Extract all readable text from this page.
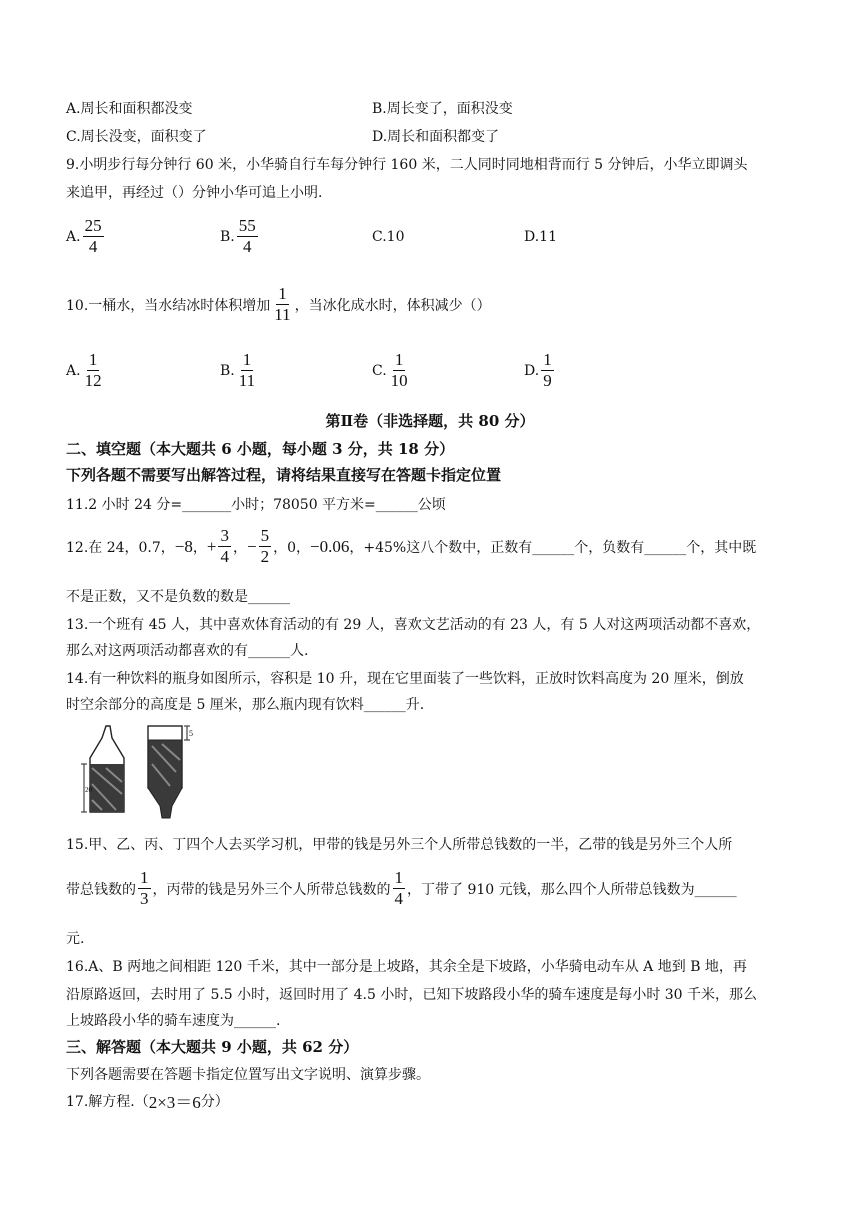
A.周长和面积都没变	B.周长变了，面积没变
C.周长没变，面积变了	D.周长和面积都变了
9.小明步行每分钟行 60 米，小华骑自行车每分钟行 160 米，二人同时同地相背而行 5 分钟后，小华立即调头
来追甲，再经过（）分钟小华可追上小明.
A. $\frac{25}{4}$	B. $\frac{55}{4}$	C.10	D.11
10.一桶水，当水结冰时体积增加 $\frac{1}{11}$ ，当冰化成水时，体积减少（）
A. $\frac{1}{12}$	B. $\frac{1}{11}$	C. $\frac{1}{10}$	D. $\frac{1}{9}$
第Ⅱ卷（非选择题，共 80 分）
二、填空题（本大题共 6 小题，每小题 3 分，共 18 分）
下列各题不需要写出解答过程，请将结果直接写在答题卡指定位置
11.2 小时 24 分=_______小时；78050 平方米=______公顷
12.在 24，0.7， −8 ， + $\frac{3}{4}$ ， − $\frac{5}{2}$ ，0， −0.06 ，+45%这八个数中，正数有______个，负数有______个，其中既
不是正数，又不是负数的数是______
13.一个班有 45 人，其中喜欢体育活动的有 29 人，喜欢文艺活动的有 23 人，有 5 人对这两项活动都不喜欢，
那么对这两项活动都喜欢的有______人.
14.有一种饮料的瓶身如图所示，容积是 10 升，现在它里面装了一些饮料，正放时饮料高度为 20 厘米，倒放
时空余部分的高度是 5 厘米，那么瓶内现有饮料______升.
20
5
15.甲、乙、丙、丁四个人去买学习机，甲带的钱是另外三个人所带总钱数的一半，乙带的钱是另外三个人所
带总钱数的 $\frac{1}{3}$ ，丙带的钱是另外三个人所带总钱数的 $\frac{1}{4}$ ，丁带了 910 元钱，那么四个人所带总钱数为______
元.
16.A、B 两地之间相距 120 千米，其中一部分是上坡路，其余全是下坡路，小华骑电动车从 A 地到 B 地，再
沿原路返回，去时用了 5.5 小时，返回时用了 4.5 小时，已知下坡路段小华的骑车速度是每小时 30 千米，那么
上坡路段小华的骑车速度为______.
三、解答题（本大题共 9 小题，共 62 分）
下列各题需要在答题卡指定位置写出文字说明、演算步骤。
17.解方程.（ 2×3＝6 分）
